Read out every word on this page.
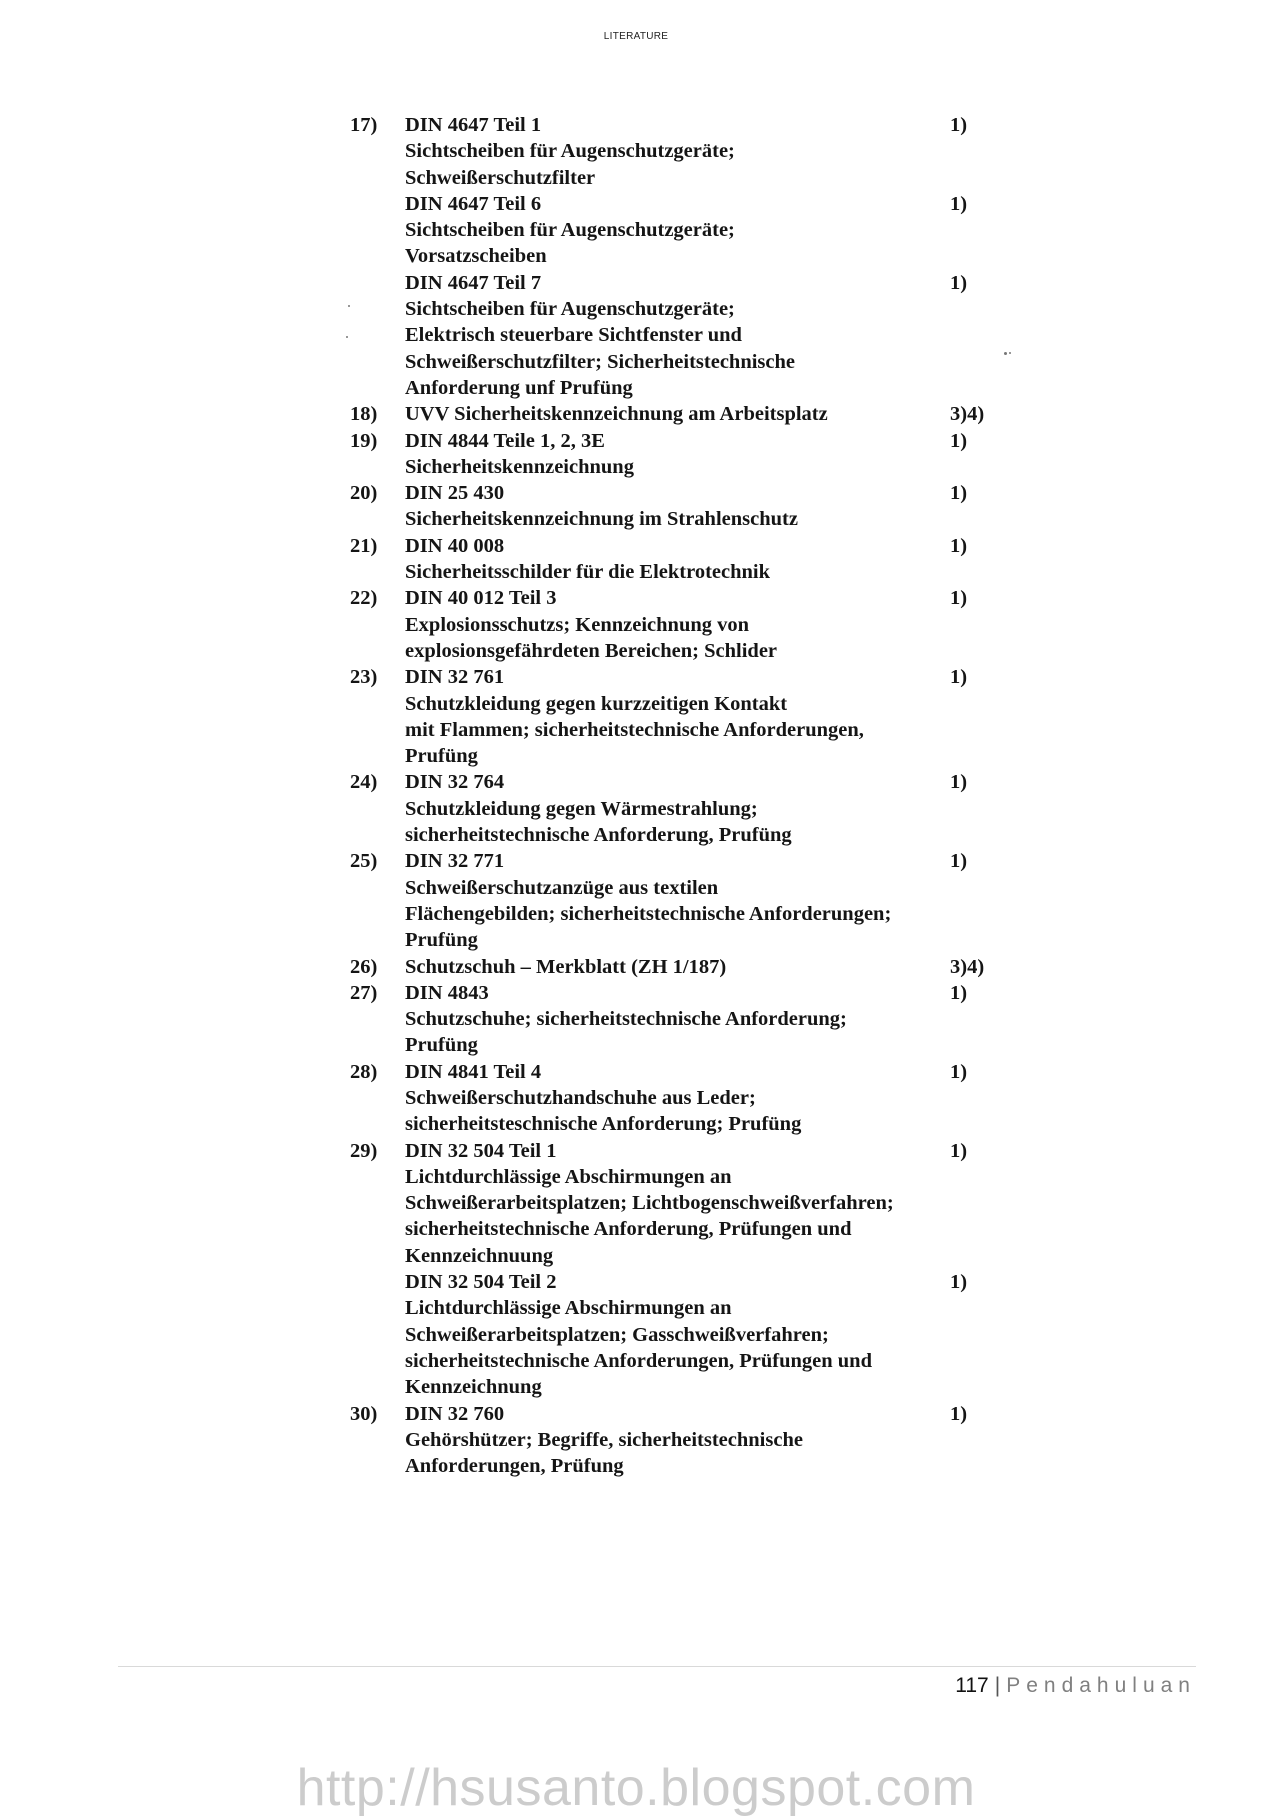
LITERATURE
17)	DIN 4647 Teil 1	1)
Sichtscheiben für Augenschutzgeräte;
Schweißerschutzfilter
DIN 4647 Teil 6	1)
Sichtscheiben für Augenschutzgeräte;
Vorsatzscheiben
DIN 4647 Teil 7	1)
Sichtscheiben für Augenschutzgeräte;
Elektrisch steuerbare Sichtfenster und
Schweißerschutzfilter; Sicherheitstechnische
Anforderung unf Prufüng
18)	UVV Sicherheitskennzeichnung am Arbeitsplatz	3)4)
19)	DIN 4844 Teile 1, 2, 3E	1)
Sicherheitskennzeichnung
20)	DIN 25 430	1)
Sicherheitskennzeichnung im Strahlenschutz
21)	DIN 40 008	1)
Sicherheitsschilder für die Elektrotechnik
22)	DIN 40 012 Teil 3	1)
Explosionsschutzs; Kennzeichnung von
explosionsgefährdeten Bereichen; Schlider
23)	DIN 32 761	1)
Schutzkleidung gegen kurzzeitigen Kontakt
mit Flammen; sicherheitstechnische Anforderungen,
Prufüng
24)	DIN 32 764	1)
Schutzkleidung gegen Wärmestrahlung;
sicherheitstechnische Anforderung, Prufüng
25)	DIN 32 771	1)
Schweißerschutzanzüge aus textilen
Flächengebilden; sicherheitstechnische Anforderungen;
Prufüng
26)	Schutzschuh – Merkblatt (ZH 1/187)	3)4)
27)	DIN 4843	1)
Schutzschuhe; sicherheitstechnische Anforderung;
Prufüng
28)	DIN 4841 Teil 4	1)
Schweißerschutzhandschuhe aus Leder;
sicherheitsteschnische Anforderung; Prufüng
29)	DIN 32 504 Teil 1	1)
Lichtdurchlässige Abschirmungen an
Schweißerarbeitsplatzen; Lichtbogenschweißverfahren;
sicherheitstechnische Anforderung, Prüfungen und
Kennzeichnuung
DIN 32 504 Teil 2	1)
Lichtdurchlässige Abschirmungen an
Schweißerarbeitsplatzen; Gasschweißverfahren;
sicherheitstechnische Anforderungen, Prüfungen und
Kennzeichnung
30)	DIN 32 760	1)
Gehörshützer; Begriffe, sicherheitstechnische
Anforderungen, Prüfung
117 | Pendahuluan
http://hsusanto.blogspot.com
